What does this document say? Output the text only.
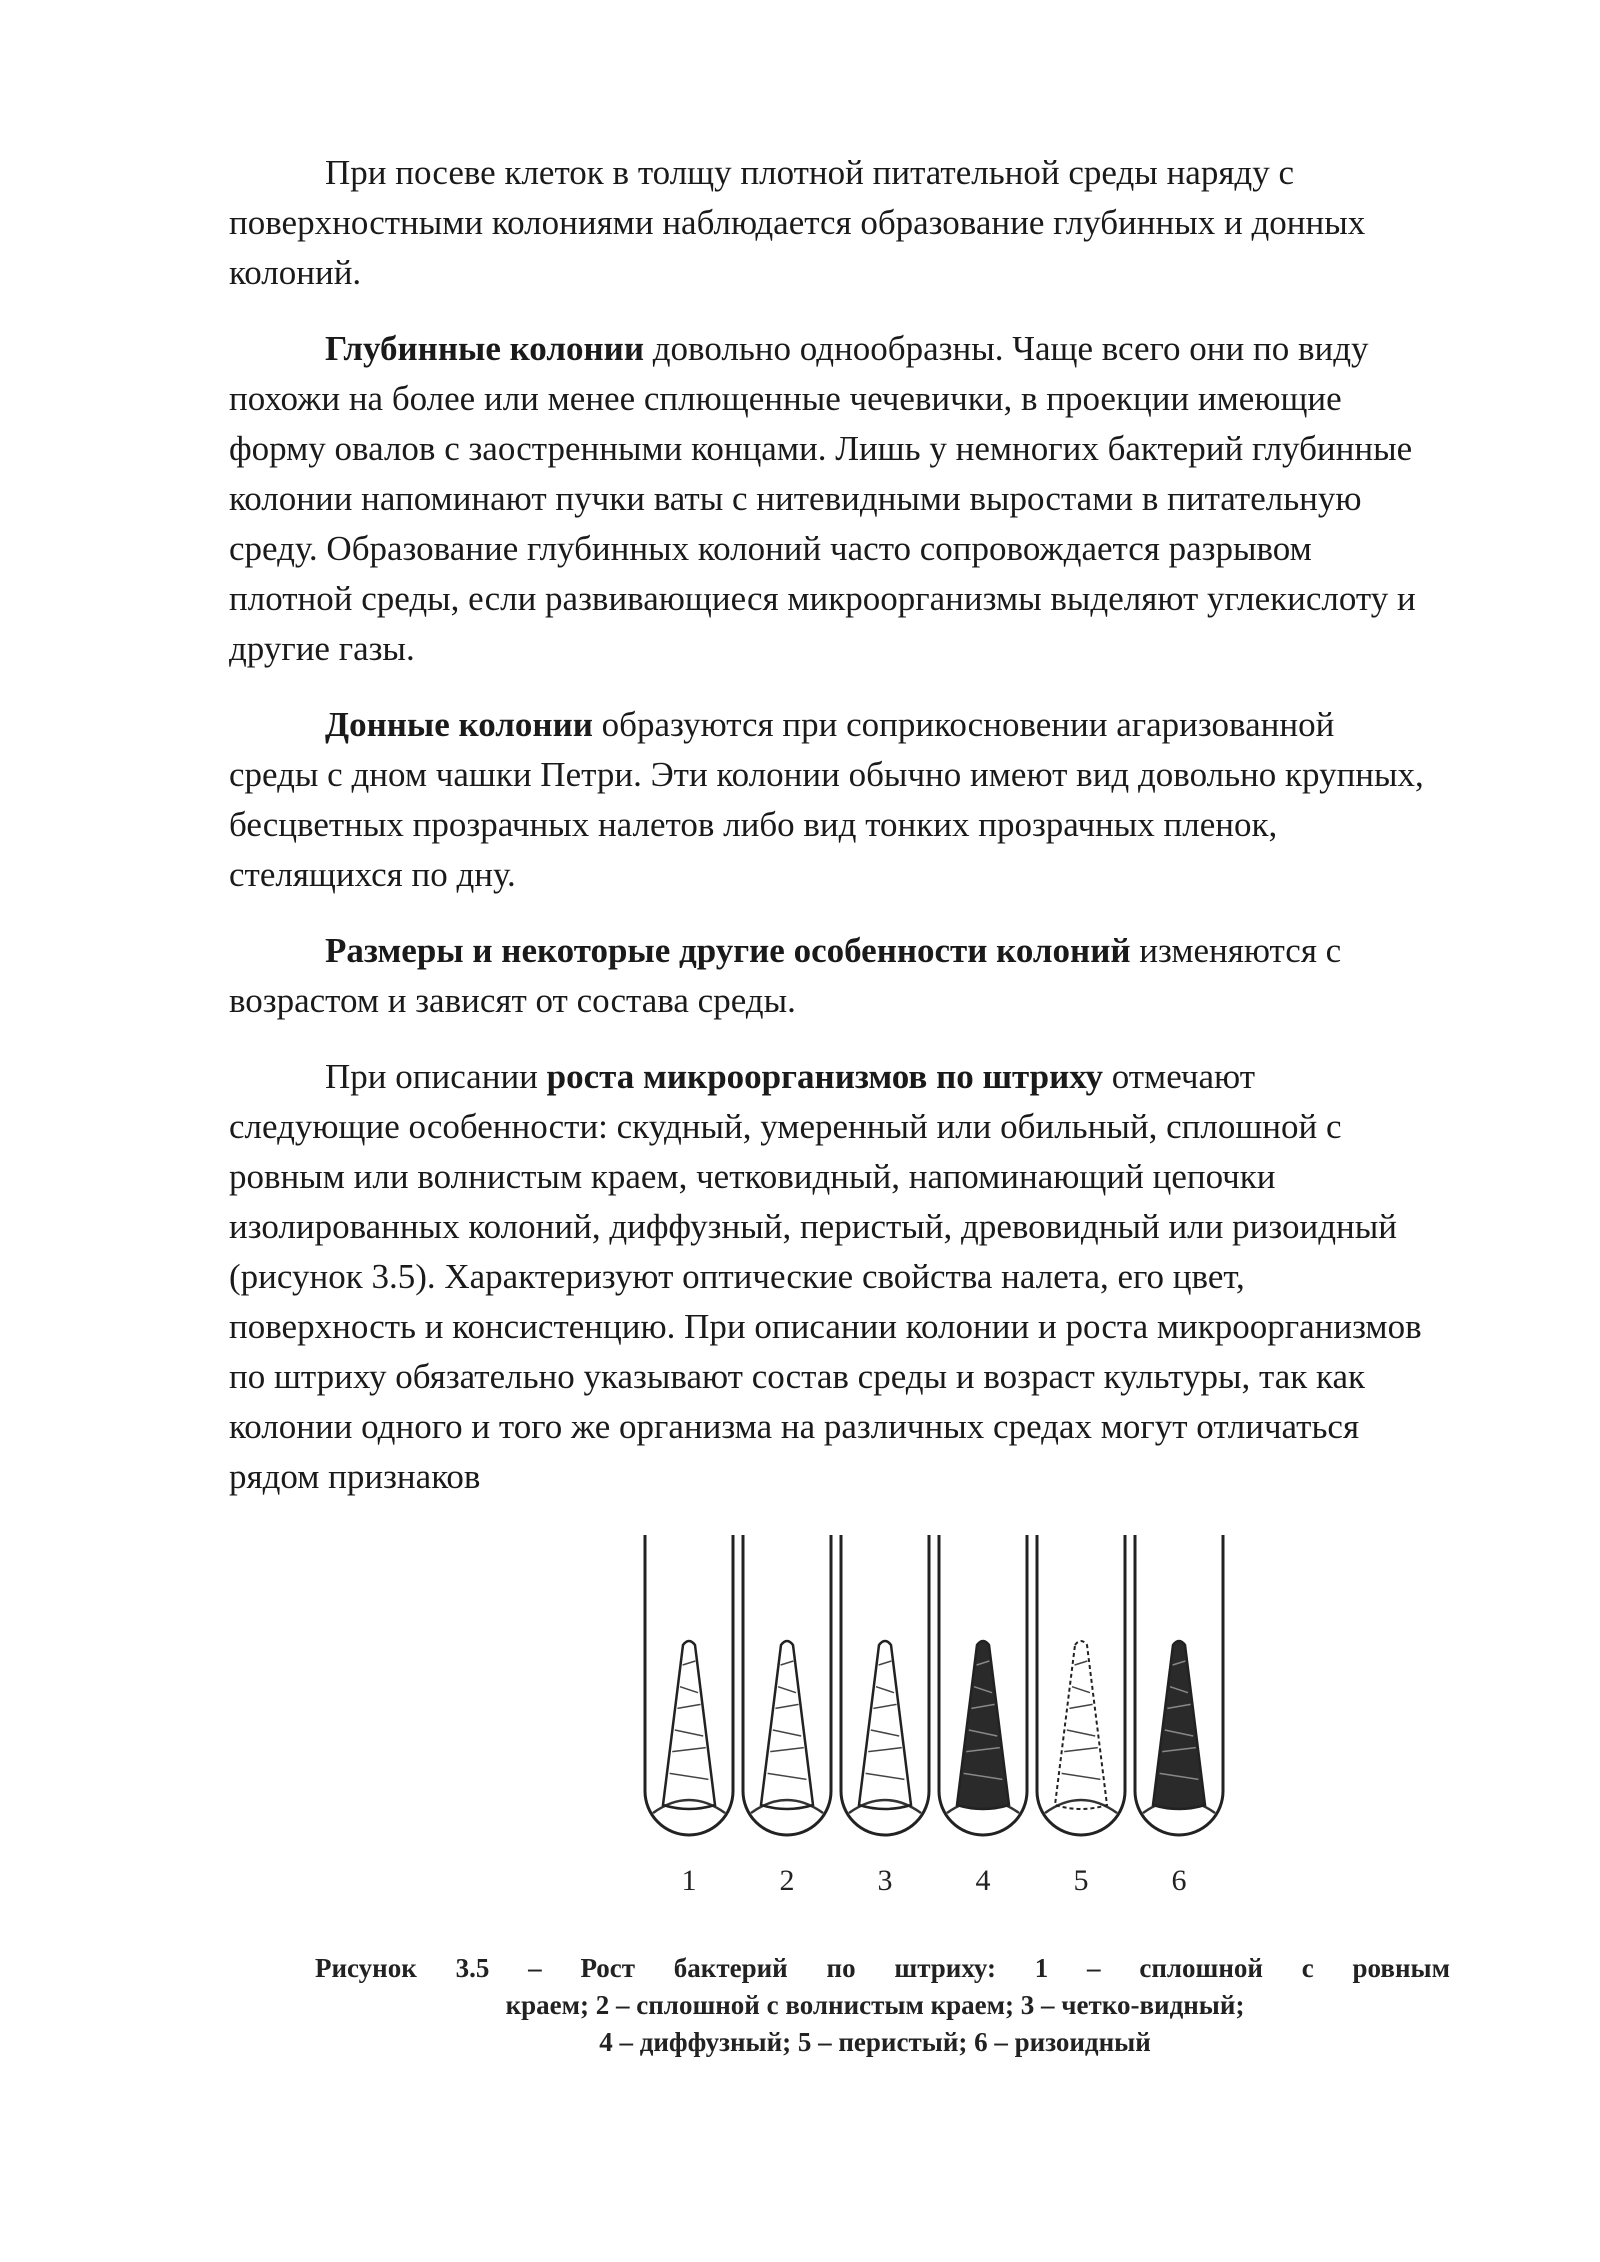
При посеве клеток в толщу плотной питательной среды наряду с поверхностными колониями наблюдается образование глубинных и донных колоний.

Глубинные колонии довольно однообразны. Чаще всего они по виду похожи на более или менее сплющенные чечевички, в проекции имеющие форму овалов с заостренными концами. Лишь у немногих бактерий глубинные колонии напоминают пучки ваты с нитевидными выростами в питательную среду. Образование глубинных колоний часто сопровождается разрывом плотной среды, если развивающиеся микроорганизмы выделяют углекислоту и другие газы.

Донные колонии образуются при соприкосновении агаризованной среды с дном чашки Петри. Эти колонии обычно имеют вид довольно крупных, бесцветных прозрачных налетов либо вид тонких прозрачных пленок, стелящихся по дну.

Размеры и некоторые другие особенности колоний изменяются с возрастом и зависят от состава среды.

При описании роста микроорганизмов по штриху отмечают следующие особенности: скудный, умеренный или обильный, сплошной с ровным или волнистым краем, четковидный, напоминающий цепочки изолированных колоний, диффузный, перистый, древовидный или ризоидный (рисунок 3.5). Характеризуют оптические свойства налета, его цвет, поверхность и консистенцию. При описании колонии и роста микроорганизмов по штриху обязательно указывают состав среды и возраст культуры, так как колонии одного и того же организма на различных средах могут отличаться рядом признаков

1	2	3	4	5	6
Рисунок 3.5 – Рост бактерий по штриху: 1 – сплошной с ровным
краем; 2 – сплошной с волнистым краем; 3 – четко-видный;
4 – диффузный; 5 – перистый; 6 – ризоидный
